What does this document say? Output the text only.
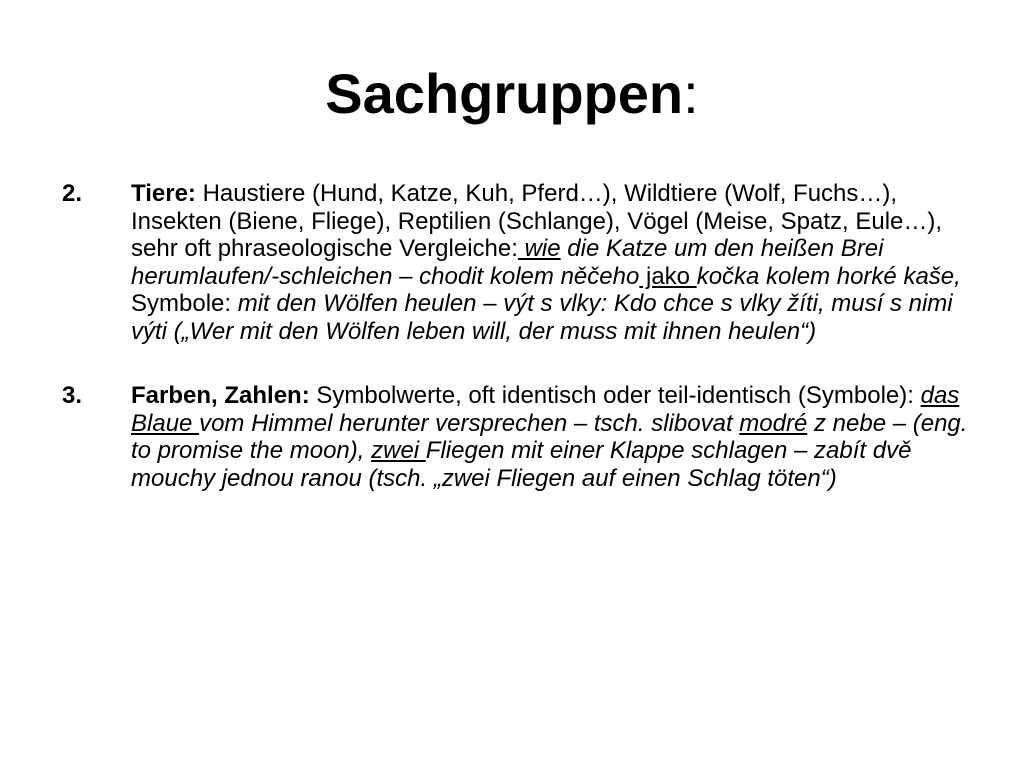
Sachgruppen:
2. Tiere: Haustiere (Hund, Katze, Kuh, Pferd…), Wildtiere (Wolf, Fuchs…), Insekten (Biene, Fliege), Reptilien (Schlange), Vögel (Meise, Spatz, Eule…), sehr oft phraseologische Vergleiche: wie die Katze um den heißen Brei herumlaufen/-schleichen – chodit kolem něčeho jako kočka kolem horké kaše, Symbole: mit den Wölfen heulen – výt s vlky: Kdo chce s vlky žíti, musí s nimi výti („Wer mit den Wölfen leben will, der muss mit ihnen heulen“)
3. Farben, Zahlen: Symbolwerte, oft identisch oder teil-identisch (Symbole): das Blaue vom Himmel herunter versprechen – tsch. slibovat modré z nebe – (eng. to promise the moon), zwei Fliegen mit einer Klappe schlagen – zabít dvě mouchy jednou ranou (tsch. „zwei Fliegen auf einen Schlag töten“)
